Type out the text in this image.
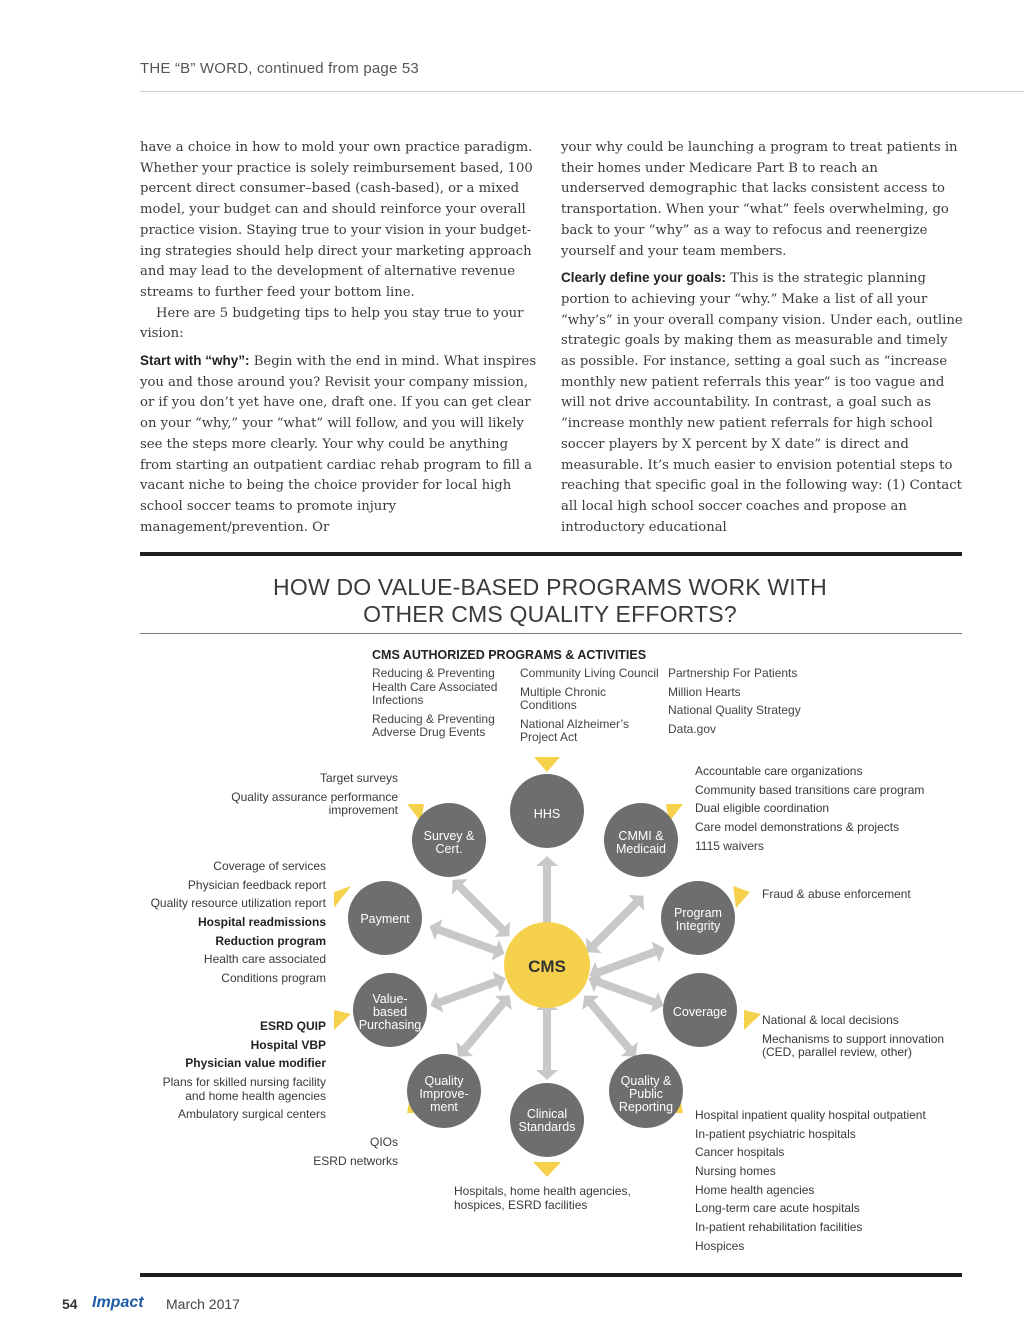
THE “B” WORD, continued from page 53

have a choice in how to mold your own practice paradigm. Whether your practice is solely reimbursement based, 100 percent direct consumer–based (cash-based), or a mixed model, your budget can and should reinforce your overall practice vision. Staying true to your vision in your budget-ing strategies should help direct your marketing approach and may lead to the development of alternative revenue streams to further feed your bottom line.

Here are 5 budgeting tips to help you stay true to your vision:

Start with “why”: Begin with the end in mind. What inspires you and those around you? Revisit your company mission, or if you don’t yet have one, draft one. If you can get clear on your “why,” your “what” will follow, and you will likely see the steps more clearly. Your why could be anything from starting an outpatient cardiac rehab program to fill a vacant niche to being the choice provider for local high school soccer teams to promote injury management/prevention. Or

your why could be launching a program to treat patients in their homes under Medicare Part B to reach an underserved demographic that lacks consistent access to transportation. When your “what” feels overwhelming, go back to your “why” as a way to refocus and reenergize yourself and your team members.

Clearly define your goals: This is the strategic planning portion to achieving your “why.” Make a list of all your “why’s” in your overall company vision. Under each, outline strategic goals by making them as measurable and timely as possible. For instance, setting a goal such as “increase monthly new patient referrals this year” is too vague and will not drive accountability. In contrast, a goal such as “increase monthly new patient referrals for high school soccer players by X percent by X date” is direct and measurable. It’s much easier to envision potential steps to reaching that specific goal in the following way: (1) Contact all local high school soccer coaches and propose an introductory educational

HOW DO VALUE-BASED PROGRAMS WORK WITH
OTHER CMS QUALITY EFFORTS?
CMS AUTHORIZED PROGRAMS & ACTIVITIES
Reducing & Preventing Health Care Associated Infections
Reducing & Preventing Adverse Drug Events
Community Living Council
Multiple Chronic Conditions
National Alzheimer’s Project Act
Partnership For Patients
Million Hearts
National Quality Strategy
Data.gov
HHS
CMMI &
Medicaid
Program
Integrity
Coverage
Quality &
Public
Reporting
Clinical
Standards
Quality
Improve-
ment
Value-
based
Purchasing
Payment
Survey &
Cert.
CMS
Target surveys
Quality assurance performance improvement
Accountable care organizations
Community based transitions care program
Dual eligible coordination
Care model demonstrations & projects
1115 waivers
Coverage of services
Physician feedback report
Quality resource utilization report
Hospital readmissions
Reduction program
Health care associated
Conditions program
Fraud & abuse enforcement
ESRD QUIP
Hospital VBP
Physician value modifier
Plans for skilled nursing facility and home health agencies
Ambulatory surgical centers
National & local decisions
Mechanisms to support innovation (CED, parallel review, other)
QIOs
ESRD networks
Hospitals, home health agencies, hospices, ESRD facilities
Hospital inpatient quality hospital outpatient
In-patient psychiatric hospitals
Cancer hospitals
Nursing homes
Home health agencies
Long-term care acute hospitals
In-patient rehabilitation facilities
Hospices
54 Impact March 2017
